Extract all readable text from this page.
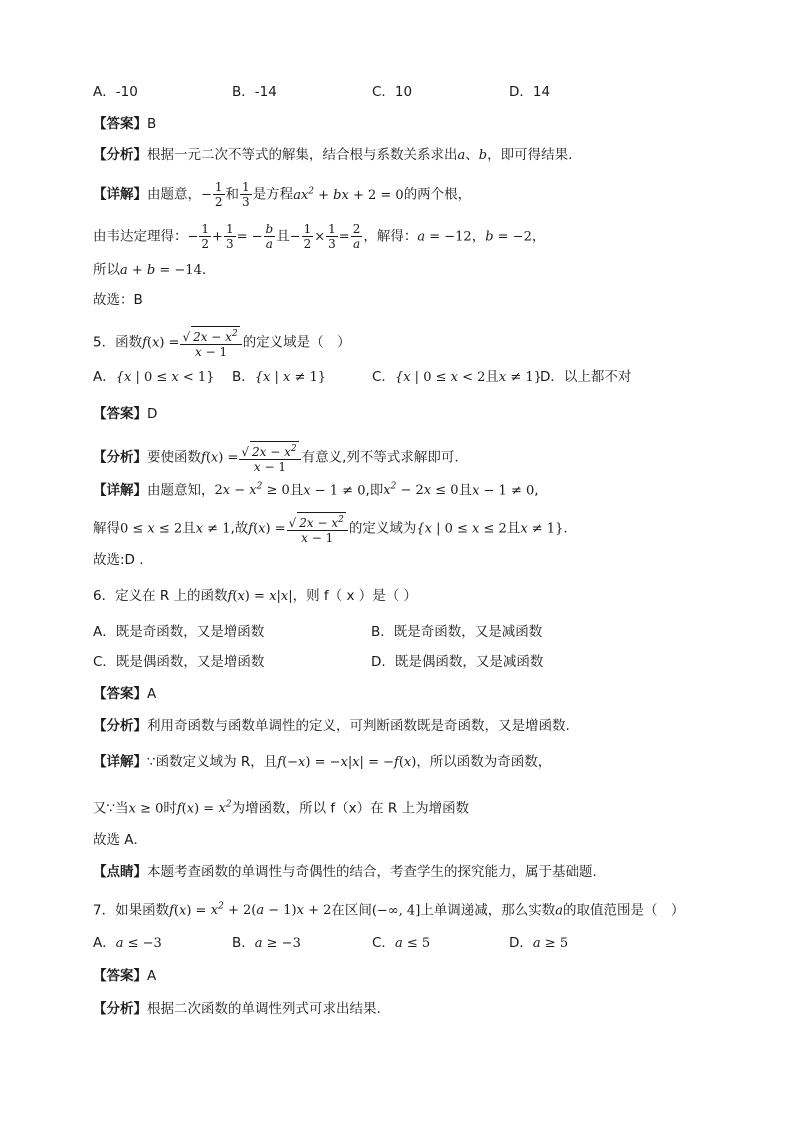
A．-10	B．-14	C．10	D．14
【答案】B
【分析】根据一元二次不等式的解集，结合根与系数关系求出a、b，即可得结果.
【详解】由题意，− $\frac{1}{2}$ 和 $\frac{1}{3}$ 是方程$ax^2$ + bx + 2 = 0的两个根，
由韦达定理得：− $\frac{1}{2} + \frac{1}{3}$ = − $\frac{b}{a}$ 且− $\frac{1}{2} \times \frac{1}{3} = \frac{2}{a}$ ，解得：a = −12，b = −2，
所以a + b = −14.
故选：B
5．函数$f(x) = \frac{√ 2x - x^2}{x - 1}$ 的定义域是（　）
A．{x | 0 ≤ x < 1} B．{x | x ≠ 1}	C．{x | 0 ≤ x < 2且x ≠ 1}
D．以上都不对
【答案】D
【分析】要使函数$f(x) = \frac{√ 2x - x^2}{x - 1}$ 有意义,列不等式求解即可.
【详解】由题意知，$2x - x^2 \ge 0$且x − 1 ≠ 0,即$x^2 - 2x \le 0$且x − 1 ≠ 0,
解得0 ≤ x ≤ 2且x ≠ 1,故$f(x) = \frac{√ 2x - x^2}{x - 1}$ 的定义域为{x | 0 ≤ x ≤ 2且x ≠ 1}.
故选:D .
6．定义在 R 上的函数f(x) = x|x|，则 f（ x ）是（ ）
A．既是奇函数，又是增函数	B．既是奇函数，又是减函数
C．既是偶函数，又是增函数	D．既是偶函数，又是减函数
【答案】A
【分析】利用奇函数与函数单调性的定义，可判断函数既是奇函数，又是增函数.
【详解】∵函数定义域为 R，且f(−x) = −x|x| = −f(x)，所以函数为奇函数，
又∵当x ≥ 0时$f(x) = x^2$为增函数，所以 f（x）在 R 上为增函数
故选 A．
【点睛】本题考查函数的单调性与奇偶性的结合，考查学生的探究能力，属于基础题．
7．如果函数$f(x) = x^2 + 2(a - 1)x + 2$在区间(−∞, 4]上单调递减，那么实数a的取值范围是（　）
A．a ≤ −3	B．a ≥ −3	C．a ≤ 5	D．a ≥ 5
【答案】A
【分析】根据二次函数的单调性列式可求出结果.
